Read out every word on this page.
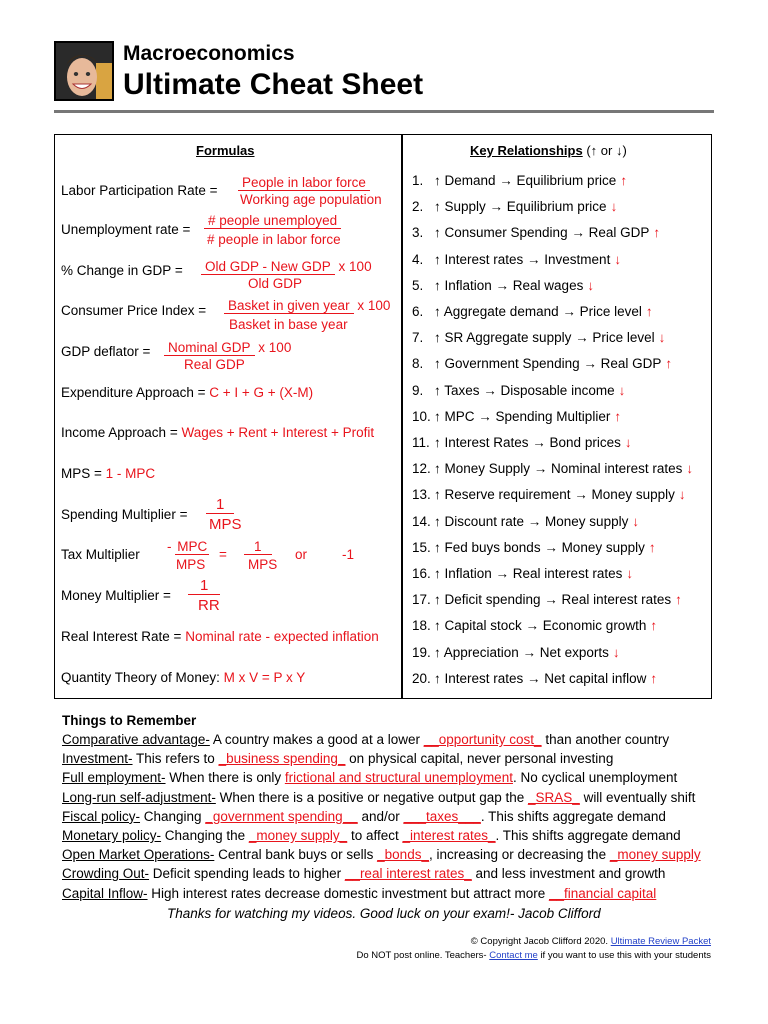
Macroeconomics
Ultimate Cheat Sheet
Formulas
Labor Participation Rate =
People in labor force
Working age population
Unemployment rate =
# people unemployed
# people in labor force
% Change in GDP = Old GDP - New GDP x 100
Old GDP
Consumer Price Index = Basket in given year x 100
Basket in base year
GDP deflator = Nominal GDP x 100
Real GDP
Expenditure Approach = C + I + G + (X-M)
Income Approach = Wages + Rent + Interest + Profit
MPS = 1 - MPC
Spending Multiplier =
1
MPS
Tax Multiplier
- MPC
MPS
=
1
MPS
or	-1
Money Multiplier =
1
RR
Real Interest Rate = Nominal rate - expected inflation
Quantity Theory of Money: M x V = P x Y
Key Relationships (↑ or ↓)
1. ↑ Demand → Equilibrium price ↑
2. ↑ Supply → Equilibrium price ↓
3. ↑ Consumer Spending → Real GDP ↑
4. ↑ Interest rates → Investment ↓
5. ↑ Inflation → Real wages ↓
6. ↑ Aggregate demand → Price level ↑
7. ↑ SR Aggregate supply → Price level ↓
8. ↑ Government Spending → Real GDP ↑
9. ↑ Taxes → Disposable income ↓
10. ↑ MPC → Spending Multiplier ↑
11. ↑ Interest Rates → Bond prices ↓
12. ↑ Money Supply → Nominal interest rates ↓
13. ↑ Reserve requirement → Money supply ↓
14. ↑ Discount rate → Money supply ↓
15. ↑ Fed buys bonds → Money supply ↑
16. ↑ Inflation → Real interest rates ↓
17. ↑ Deficit spending → Real interest rates ↑
18. ↑ Capital stock → Economic growth ↑
19. ↑ Appreciation → Net exports ↓
20. ↑ Interest rates → Net capital inflow ↑
Things to Remember
Comparative advantage- A country makes a good at a lower __opportunity cost_ than another country
Investment- This refers to _business spending_ on physical capital, never personal investing
Full employment- When there is only frictional and structural unemployment. No cyclical unemployment
Long-run self-adjustment- When there is a positive or negative output gap the _SRAS_ will eventually shift
Fiscal policy- Changing _government spending__ and/or ___taxes___. This shifts aggregate demand
Monetary policy- Changing the _money supply_ to affect _interest rates_. This shifts aggregate demand
Open Market Operations- Central bank buys or sells _bonds_, increasing or decreasing the _money supply
Crowding Out- Deficit spending leads to higher __real interest rates_ and less investment and growth
Capital Inflow- High interest rates decrease domestic investment but attract more __financial capital
Thanks for watching my videos. Good luck on your exam!- Jacob Clifford
© Copyright Jacob Clifford 2020. Ultimate Review Packet
Do NOT post online. Teachers- Contact me if you want to use this with your students
